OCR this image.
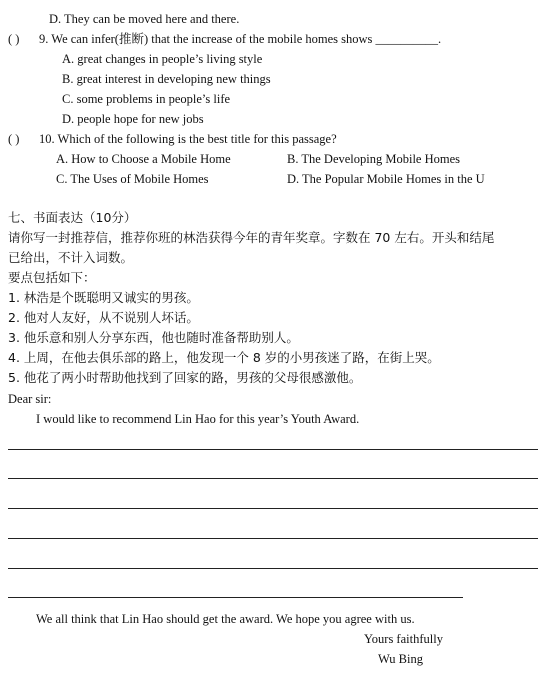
D. They can be moved here and there.
( ) 9. We can infer(推断) that the increase of the mobile homes shows __________.
A. great changes in people’s living style
B. great interest in developing new things
C. some problems in people’s life
D. people hope for new jobs
( ) 10. Which of the following is the best title for this passage?
A. How to Choose a Mobile Home	B. The Developing Mobile Homes
C. The Uses of Mobile Homes	D. The Popular Mobile Homes in the U
七、书面表达（10分）
请你写一封推荐信，推荐你班的林浩获得今年的青年奖章。字数在 70 左右。开头和结尾
已给出，不计入词数。
要点包括如下：
1. 林浩是个既聪明又诚实的男孩。
2. 他对人友好，从不说别人坏话。
3. 他乐意和别人分享东西，他也随时准备帮助别人。
4. 上周，在他去俱乐部的路上，他发现一个 8 岁的小男孩迷了路，在街上哭。
5. 他花了两小时帮助他找到了回家的路，男孩的父母很感激他。
Dear sir:
I would like to recommend Lin Hao for this year’s Youth Award.
We all think that Lin Hao should get the award. We hope you agree with us.
Yours faithfully
Wu Bing
